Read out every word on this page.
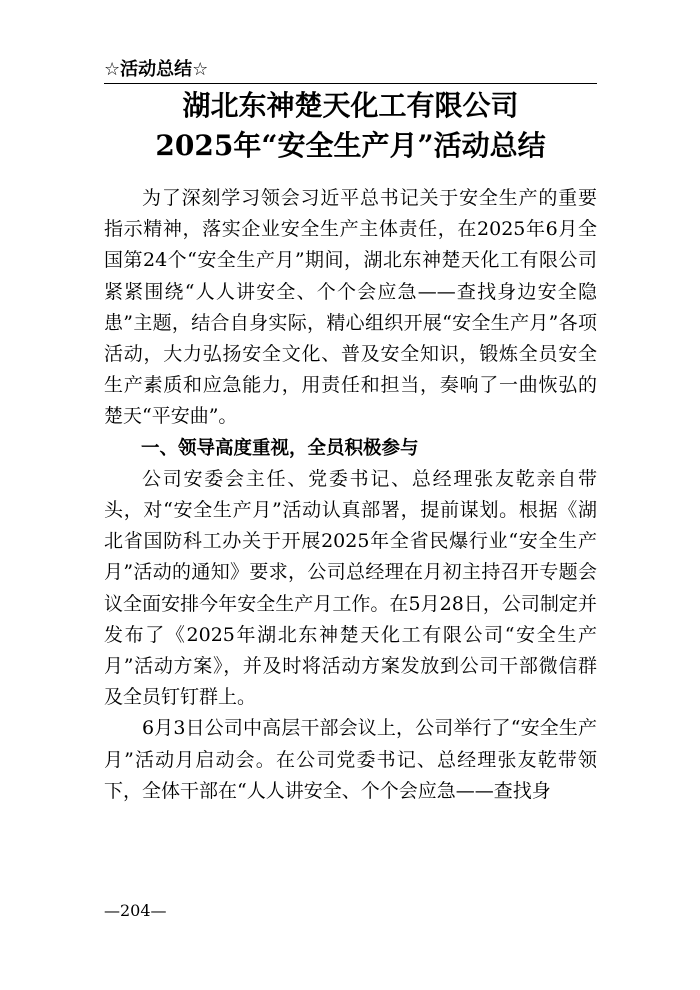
☆活动总结☆
湖北东神楚天化工有限公司
2025年“安全生产月”活动总结

为了深刻学习领会习近平总书记关于安全生产的重要指示精神，落实企业安全生产主体责任，在2025年6月全国第24个“安全生产月”期间，湖北东神楚天化工有限公司紧紧围绕“人人讲安全、个个会应急——查找身边安全隐患”主题，结合自身实际，精心组织开展“安全生产月”各项活动，大力弘扬安全文化、普及安全知识，锻炼全员安全生产素质和应急能力，用责任和担当，奏响了一曲恢弘的楚天“平安曲”。

一、领导高度重视，全员积极参与

公司安委会主任、党委书记、总经理张友乾亲自带头，对“安全生产月”活动认真部署，提前谋划。根据《湖北省国防科工办关于开展2025年全省民爆行业“安全生产月”活动的通知》要求，公司总经理在月初主持召开专题会议全面安排今年安全生产月工作。在5月28日，公司制定并发布了《2025年湖北东神楚天化工有限公司“安全生产月”活动方案》，并及时将活动方案发放到公司干部微信群及全员钉钉群上。

6月3日公司中高层干部会议上，公司举行了“安全生产月”活动月启动会。在公司党委书记、总经理张友乾带领下，全体干部在“人人讲安全、个个会应急——查找身

—204—
